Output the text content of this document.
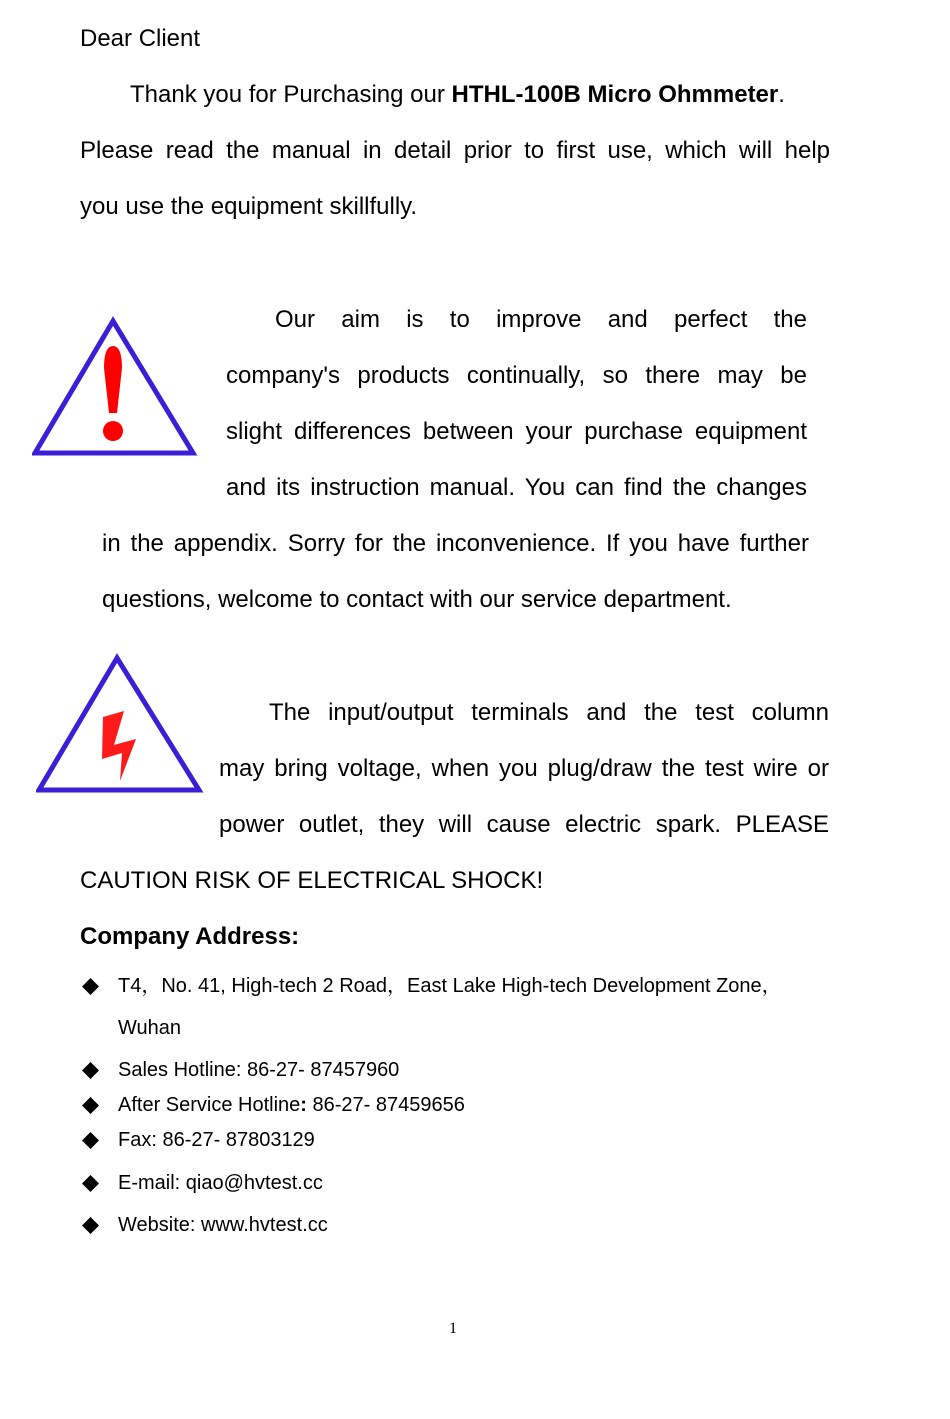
Dear Client
Thank you for Purchasing our HTHL-100B Micro Ohmmeter.
Please read the manual in detail prior to first use, which will help
you use the equipment skillfully.
Our aim is to improve and perfect the
company's products continually, so there may be
slight differences between your purchase equipment
and its instruction manual. You can find the changes
in the appendix. Sorry for the inconvenience. If you have further
questions, welcome to contact with our service department.
The input/output terminals and the test column
may bring voltage, when you plug/draw the test wire or
power outlet, they will cause electric spark. PLEASE
CAUTION RISK OF ELECTRICAL SHOCK!
Company Address:
T4，No. 41, High-tech 2 Road，East Lake High-tech Development Zone，
Wuhan
Sales Hotline: 86-27- 87457960
After Service Hotline: 86-27- 87459656
Fax: 86-27- 87803129
E-mail: qiao@hvtest.cc
Website: www.hvtest.cc
1
